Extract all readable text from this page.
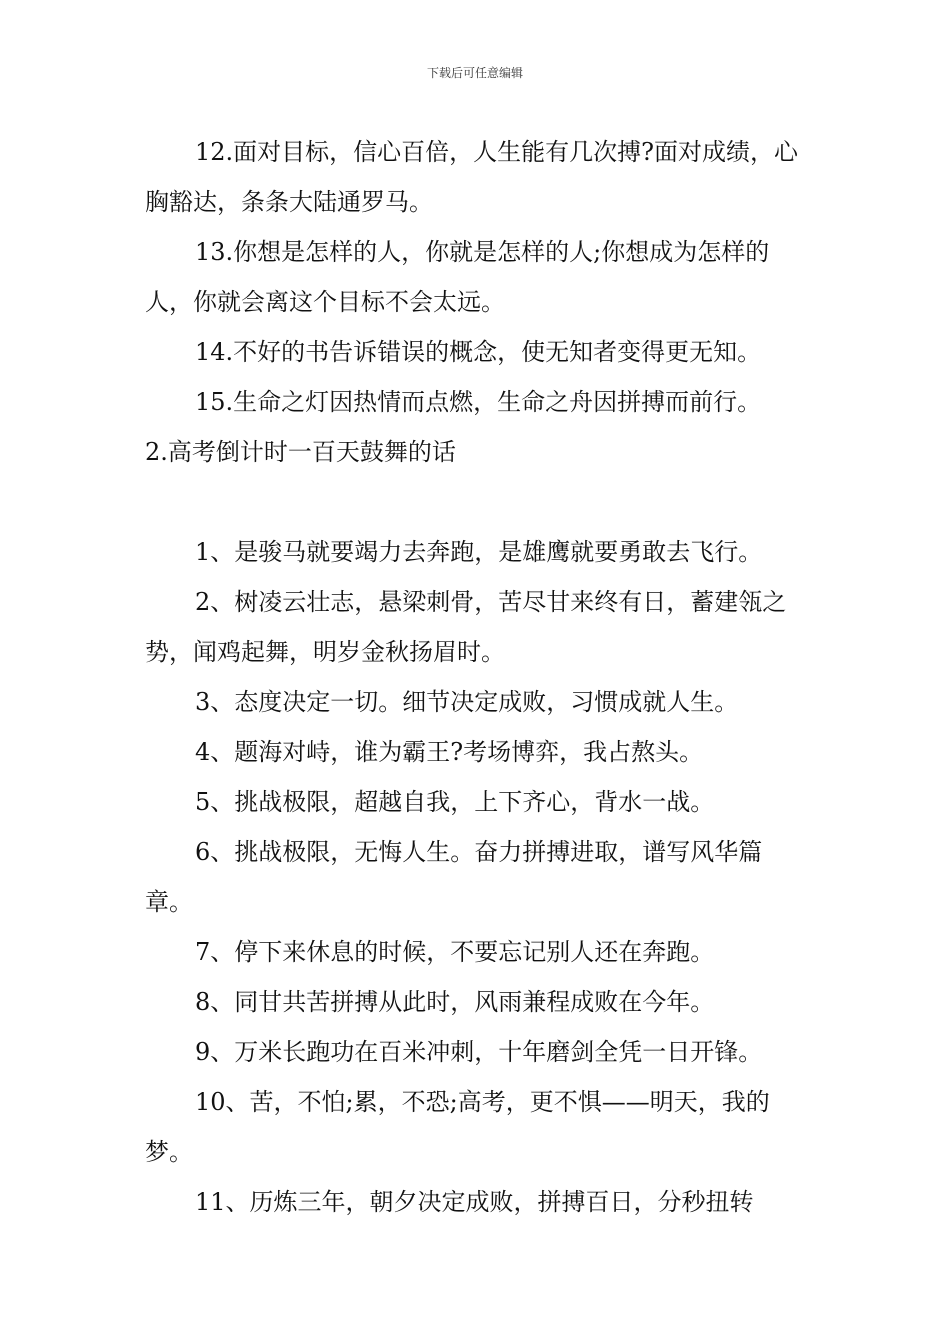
下载后可任意编辑

12.面对目标，信心百倍，人生能有几次搏?面对成绩，心胸豁达，条条大陆通罗马。

13.你想是怎样的人，你就是怎样的人;你想成为怎样的人，你就会离这个目标不会太远。

14.不好的书告诉错误的概念，使无知者变得更无知。

15.生命之灯因热情而点燃，生命之舟因拼搏而前行。

2.高考倒计时一百天鼓舞的话

1、是骏马就要竭力去奔跑，是雄鹰就要勇敢去飞行。

2、树凌云壮志，悬梁刺骨，苦尽甘来终有日，蓄建瓴之势，闻鸡起舞，明岁金秋扬眉时。

3、态度决定一切。细节决定成败，习惯成就人生。

4、题海对峙，谁为霸王?考场博弈，我占熬头。

5、挑战极限，超越自我，上下齐心，背水一战。

6、挑战极限，无悔人生。奋力拼搏进取，谱写风华篇章。

7、停下来休息的时候，不要忘记别人还在奔跑。

8、同甘共苦拼搏从此时，风雨兼程成败在今年。

9、万米长跑功在百米冲刺，十年磨剑全凭一日开锋。

10、苦，不怕;累，不恐;高考，更不惧——明天，我的梦。

11、历炼三年，朝夕决定成败，拼搏百日，分秒扭转
